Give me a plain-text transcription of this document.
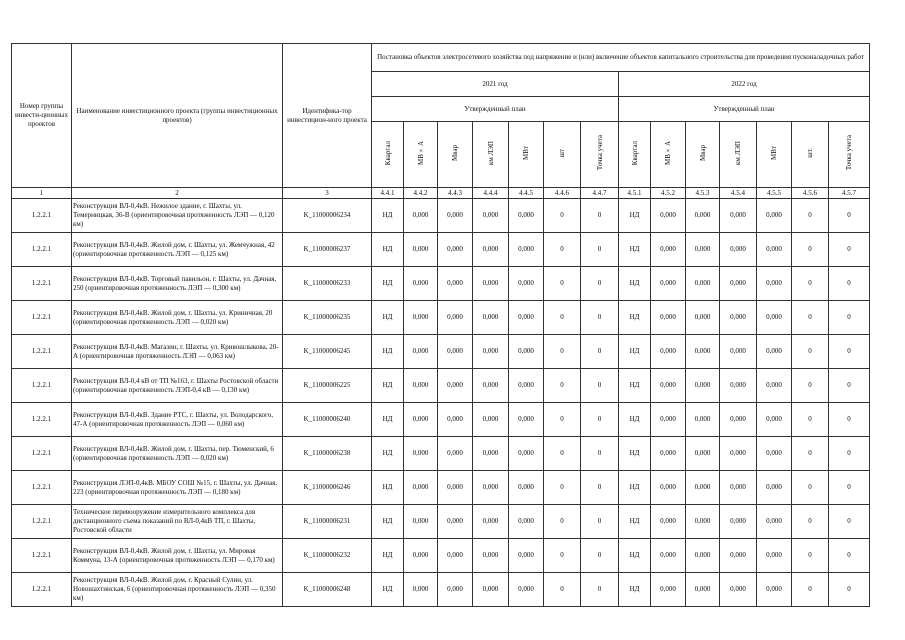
Номер группы инвести-ционных проектов	Наименование инвестиционного проекта (группы инвестиционных проектов)	Идентифика-тор инвестицион-ного проекта	Постановка объектов электросетевого хозяйства под напряжение и (или) включение объектов капитального строительства для проведения пусконаладочных работ													
			2021 год							2022 год						
			Утвержденный план							Утвержденный план						
			Квартал	МВ×А	Мвар	км ЛЭП	МВт	шт	Точка учета	Квартал	МВ×А	Мвар	км ЛЭП	МВт	шт.	Точка учета
1	2	3	4.4.1	4.4.2	4.4.3	4.4.4	4.4.5	4.4.6	4.4.7	4.5.1	4.5.2	4.5.3	4.5.4	4.5.5	4.5.6	4.5.7
1.2.2.1	Реконструкция ВЛ-0,4кВ. Нежилое здание, г. Шахты, ул. Темерницкая, 36-В (ориентировочная протяженность ЛЭП — 0,120 км)	K_11000006234	НД	0,000	0,000	0,000	0,000	0	0	НД	0,000	0,000	0,000	0,000	0	0
1.2.2.1	Реконструкция ВЛ-0,4кВ. Жилой дом, г. Шахты, ул. Жемчужная, 42 (ориентировочная протяженность ЛЭП — 0,125 км)	K_11000006237	НД	0,000	0,000	0,000	0,000	0	0	НД	0,000	0,000	0,000	0,000	0	0
1.2.2.1	Реконструкция ВЛ-0,4кВ. Торговый павильон, г. Шахты, ул. Дачная, 250 (ориентировочная протяженность ЛЭП — 0,300 км)	K_11000006233	НД	0,000	0,000	0,000	0,000	0	0	НД	0,000	0,000	0,000	0,000	0	0
1.2.2.1	Реконструкция ВЛ-0,4кВ. Жилой дом, г. Шахты, ул. Криничная, 20 (ориентировочная протяженность ЛЭП — 0,020 км)	K_11000006235	НД	0,000	0,000	0,000	0,000	0	0	НД	0,000	0,000	0,000	0,000	0	0
1.2.2.1	Реконструкция ВЛ-0,4кВ. Магазин, г. Шахты, ул. Кривошлыкова, 20-А (ориентировочная протяженность ЛЭП — 0,063 км)	K_11000006245	НД	0,000	0,000	0,000	0,000	0	0	НД	0,000	0,000	0,000	0,000	0	0
1.2.2.1	Реконструкция ВЛ-0,4 кВ от ТП №163, г. Шахты Ростовской области (ориентировочная протяженность ЛЭП-0,4 кВ — 0,130 км)	K_11000006225	НД	0,000	0,000	0,000	0,000	0	0	НД	0,000	0,000	0,000	0,000	0	0
1.2.2.1	Реконструкция ВЛ-0,4кВ. Здание РТС, г. Шахты, ул. Володарского, 47-А (ориентировочная протяженность ЛЭП — 0,060 км)	K_11000006240	НД	0,000	0,000	0,000	0,000	0	0	НД	0,000	0,000	0,000	0,000	0	0
1.2.2.1	Реконструкция ВЛ-0,4кВ. Жилой дом, г. Шахты, пер. Тюменский, 6 (ориентировочная протяженность ЛЭП — 0,020 км)	K_11000006238	НД	0,000	0,000	0,000	0,000	0	0	НД	0,000	0,000	0,000	0,000	0	0
1.2.2.1	Реконструкция ЛЭП-0,4кВ. МБОУ СОШ №15, г. Шахты, ул. Дачная, 223 (ориентировочная протяженность ЛЭП — 0,180 км)	K_11000006246	НД	0,000	0,000	0,000	0,000	0	0	НД	0,000	0,000	0,000	0,000	0	0
1.2.2.1	Техническое перевооружение измерительного комплекса для дистанционного съема показаний по ВЛ-0,4кВ ТП, г. Шахты, Ростовской области	K_11000006231	НД	0,000	0,000	0,000	0,000	0	0	НД	0,000	0,000	0,000	0,000	0	0
1.2.2.1	Реконструкция ВЛ-0,4кВ. Жилой дом, г. Шахты, ул. Мировая Коммуна, 13-А (ориентировочная протяженность ЛЭП — 0,170 км)	K_11000006232	НД	0,000	0,000	0,000	0,000	0	0	НД	0,000	0,000	0,000	0,000	0	0
1.2.2.1	Реконструкция ВЛ-0,4кВ. Жилой дом, г. Красный Сулин, ул. Новошахтинская, 6 (ориентировочная протяженность ЛЭП — 0,350 км)	K_11000006248	НД	0,000	0,000	0,000	0,000	0	0	НД	0,000	0,000	0,000	0,000	0	0
